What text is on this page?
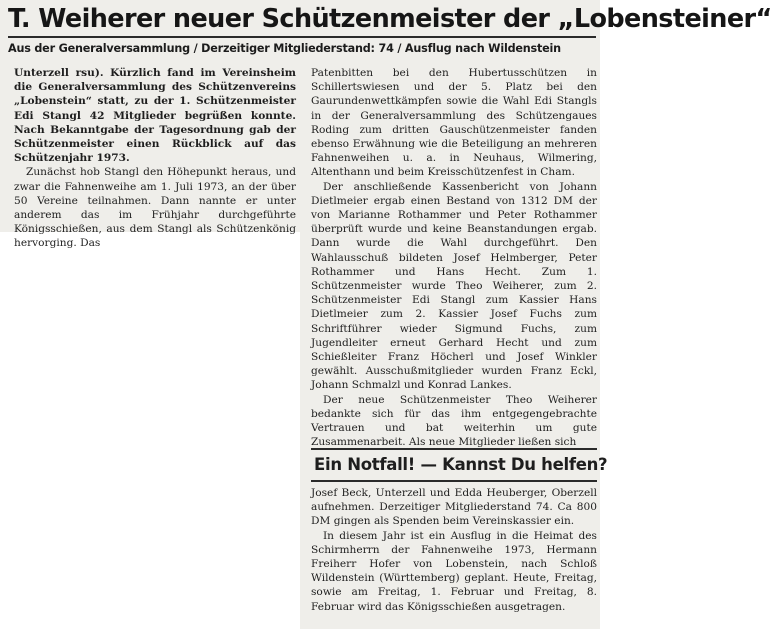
T. Weiherer neuer Schützenmeister der „Lobensteiner“
Aus der Generalversammlung / Derzeitiger Mitgliederstand: 74 / Ausflug nach Wildenstein

Unterzell rsu). Kürzlich fand im Vereinsheim die Generalversammlung des Schützenvereins „Lobenstein“ statt, zu der 1. Schützenmeister Edi Stangl 42 Mitglieder begrüßen konnte. Nach Bekanntgabe der Tagesordnung gab der Schützenmeister einen Rückblick auf das Schützenjahr 1973.

Zunächst hob Stangl den Höhepunkt heraus, und zwar die Fahnenweihe am 1. Juli 1973, an der über 50 Vereine teilnahmen. Dann nannte er unter anderem das im Frühjahr durchgeführte Königsschießen, aus dem Stangl als Schützenkönig hervorging. Das

Patenbitten bei den Hubertusschützen in Schillertswiesen und der 5. Platz bei den Gaurundenwettkämpfen sowie die Wahl Edi Stangls in der Generalversammlung des Schützengaues Roding zum dritten Gauschützenmeister fanden ebenso Erwähnung wie die Beteiligung an mehreren Fahnenweihen u. a. in Neuhaus, Wilmering, Altenthann und beim Kreisschützenfest in Cham.

Der anschließende Kassenbericht von Johann Dietlmeier ergab einen Bestand von 1312 DM der von Marianne Rothammer und Peter Rothammer überprüft wurde und keine Beanstandungen ergab. Dann wurde die Wahl durchgeführt. Den Wahlausschuß bildeten Josef Helmberger, Peter Rothammer und Hans Hecht. Zum 1. Schützenmeister wurde Theo Weiherer, zum 2. Schützenmeister Edi Stangl zum Kassier Hans Dietlmeier zum 2. Kassier Josef Fuchs zum Schriftführer wieder Sigmund Fuchs, zum Jugendleiter erneut Gerhard Hecht und zum Schießleiter Franz Höcherl und Josef Winkler gewählt. Ausschußmitglieder wurden Franz Eckl, Johann Schmalzl und Konrad Lankes.

Der neue Schützenmeister Theo Weiherer bedankte sich für das ihm entgegengebrachte Vertrauen und bat weiterhin um gute Zusammenarbeit. Als neue Mitglieder ließen sich

Ein Notfall! — Kannst Du helfen?

Josef Beck, Unterzell und Edda Heuberger, Oberzell aufnehmen. Derzeitiger Mitgliederstand 74. Ca 800 DM gingen als Spenden beim Vereinskassier ein.

In diesem Jahr ist ein Ausflug in die Heimat des Schirmherrn der Fahnenweihe 1973, Hermann Freiherr Hofer von Lobenstein, nach Schloß Wildenstein (Württemberg) geplant. Heute, Freitag, sowie am Freitag, 1. Februar und Freitag, 8. Februar wird das Königsschießen ausgetragen.
